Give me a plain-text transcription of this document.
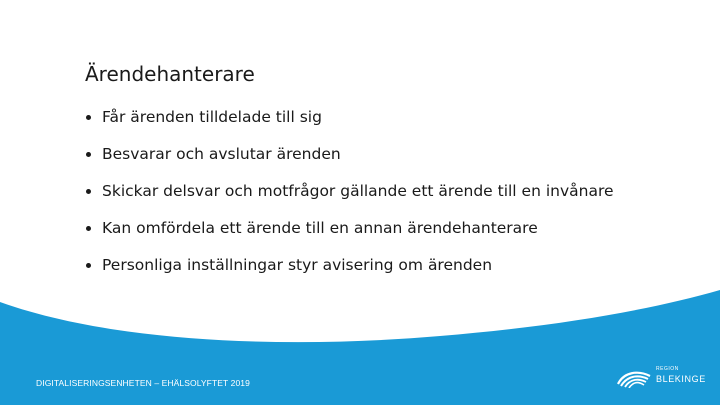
Ärendehanterare
Får ärenden tilldelade till sig
Besvarar och avslutar ärenden
Skickar delsvar och motfrågor gällande ett ärende till en invånare
Kan omfördela ett ärende till en annan ärendehanterare
Personliga inställningar styr avisering om ärenden
DIGITALISERINGSENHETEN – EHÄLSOLYFTET 2019
REGION
BLEKINGE
